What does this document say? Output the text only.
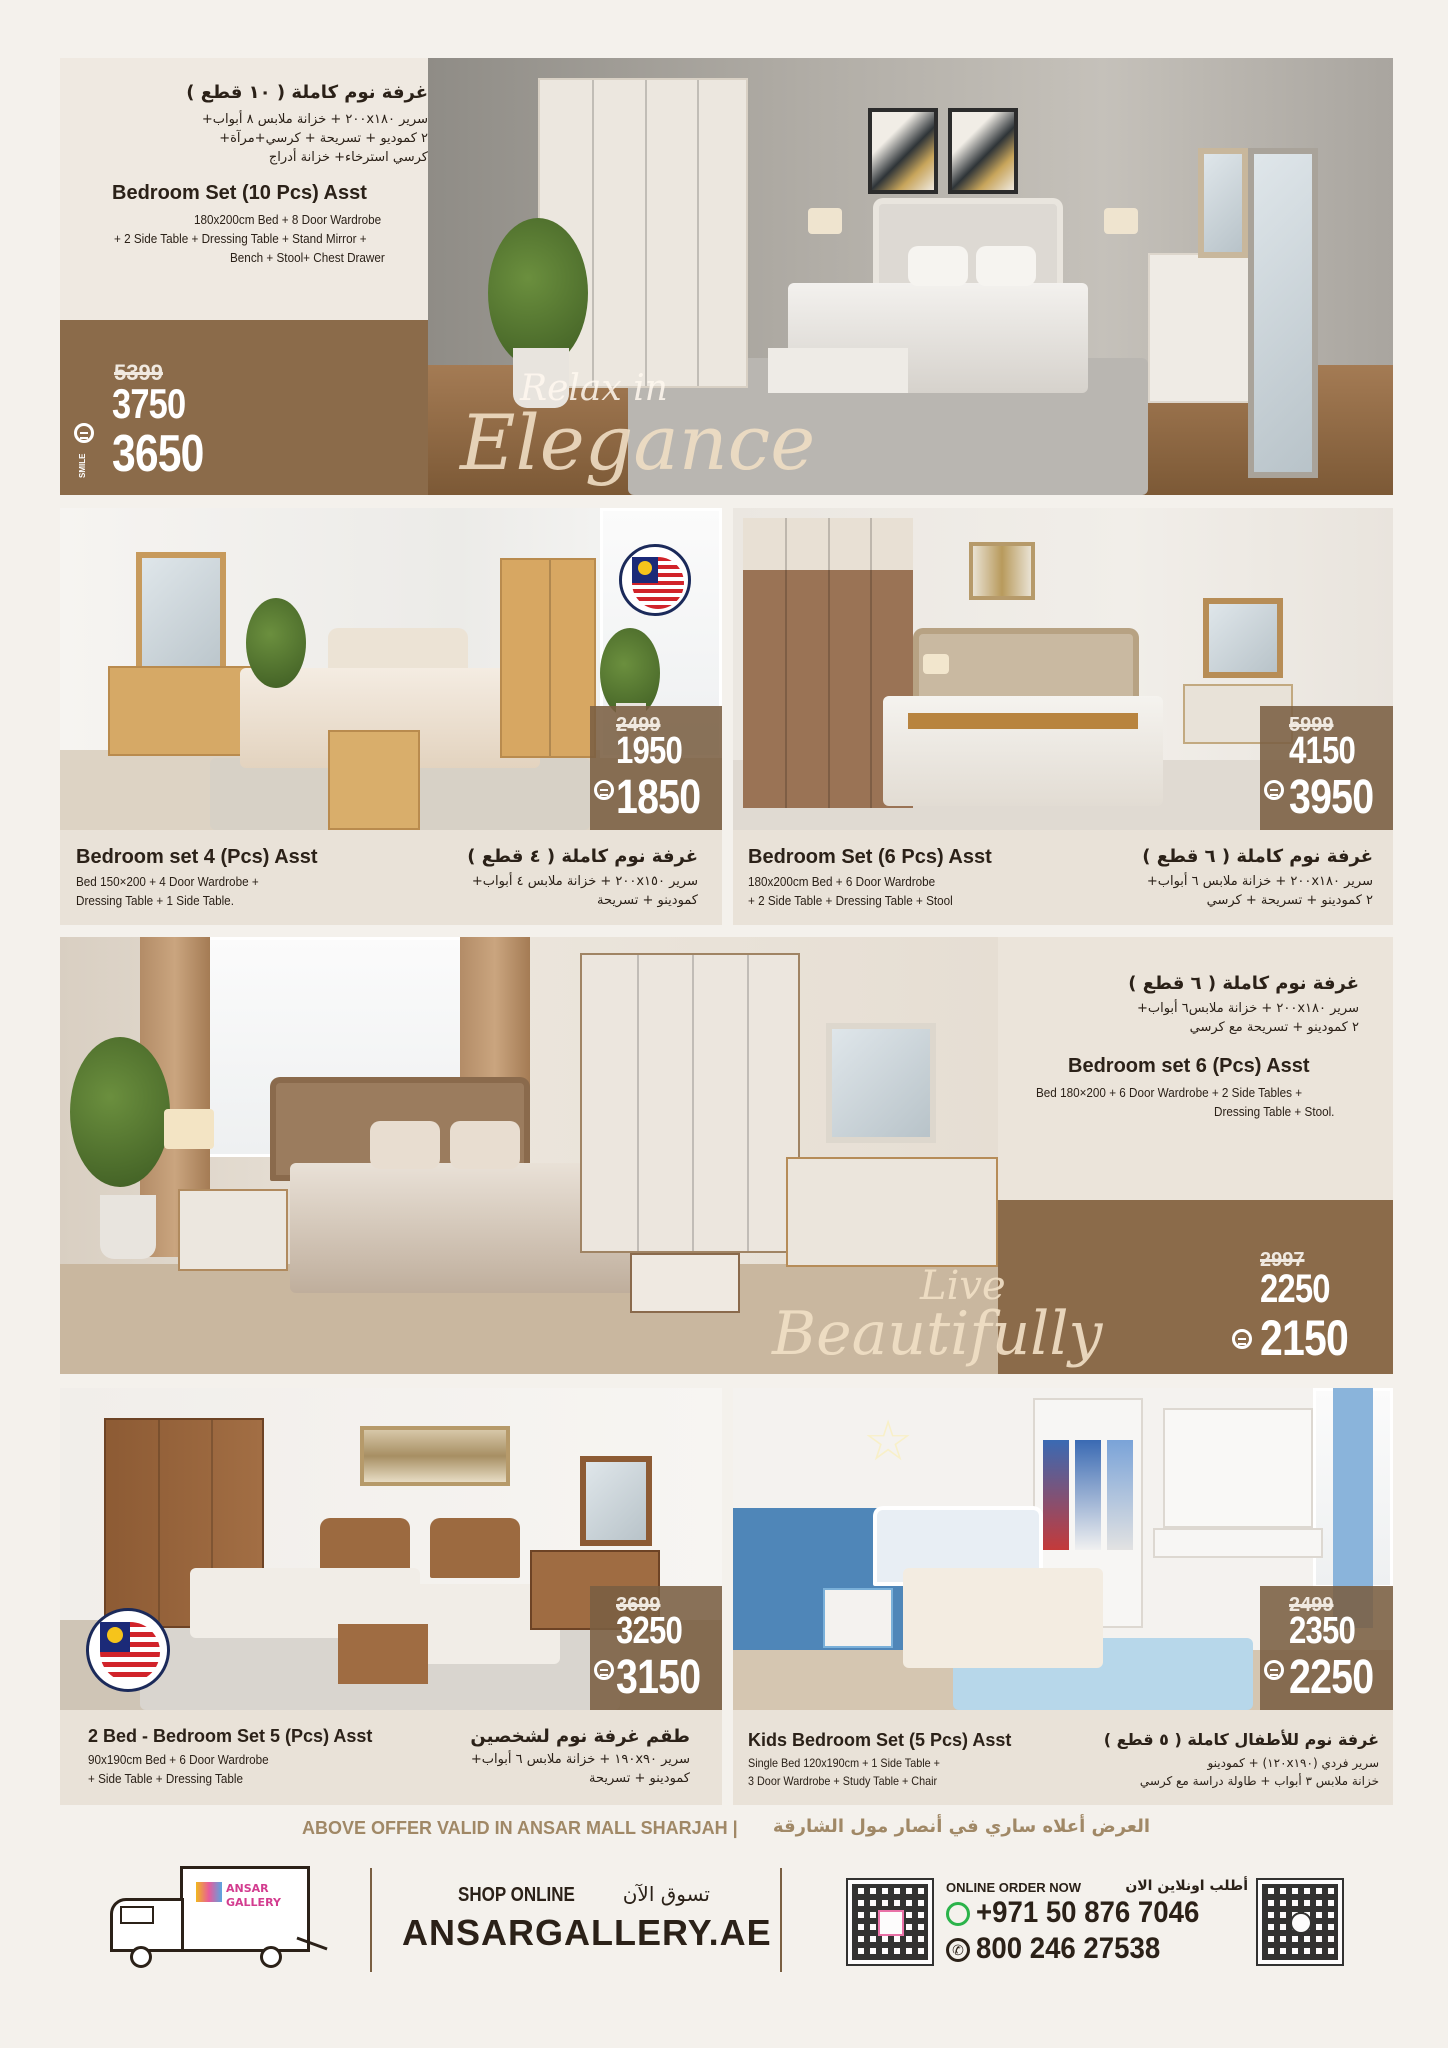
غرفة نوم كاملة ( ١٠ قطع )
سرير ٢٠٠x١٨٠ + خزانة ملابس ٨ أبواب+
٢ كموديو + تسريحة + كرسي+مرآة+
كرسي استرخاء+ خزانة أدراج
Bedroom Set (10 Pcs) Asst
180x200cm Bed + 8 Door Wardrobe
+ 2 Side Table + Dressing Table + Stand Mirror +
Bench + Stool+ Chest Drawer
SMILE
5399
3750
3650
Relax in
Elegance
2499
1950
1850
Bedroom set 4 (Pcs) Asst
Bed 150×200 + 4 Door Wardrobe +
Dressing Table + 1 Side Table.
غرفة نوم كاملة ( ٤ قطع )
سرير ٢٠٠x١٥٠ + خزانة ملابس ٤ أبواب+
كمودينو + تسريحة
5999
4150
3950
Bedroom Set (6 Pcs) Asst
180x200cm Bed + 6 Door Wardrobe
+ 2 Side Table + Dressing Table + Stool
غرفة نوم كاملة ( ٦ قطع )
سرير ٢٠٠x١٨٠ + خزانة ملابس ٦ أبواب+
٢ كمودينو + تسريحة + كرسي
غرفة نوم كاملة ( ٦ قطع )
سرير ٢٠٠x١٨٠ + خزانة ملابس٦ أبواب+
٢ كمودينو + تسريحة مع كرسي
Bedroom set 6 (Pcs) Asst
Bed 180×200 + 6 Door Wardrobe + 2 Side Tables +
Dressing Table + Stool.
2997
2250
2150
Live
Beautifully
3699
3250
3150
2 Bed - Bedroom Set 5 (Pcs) Asst
90x190cm Bed + 6 Door Wardrobe
+ Side Table + Dressing Table
طقم غرفة نوم لشخصين
سرير ١٩٠x٩٠ + خزانة ملابس ٦ أبواب+
كمودينو + تسريحة
☆
2499
2350
2250
Kids Bedroom Set (5 Pcs) Asst
Single Bed 120x190cm + 1 Side Table +
3 Door Wardrobe + Study Table + Chair
غرفة نوم للأطفال كاملة ( ٥ قطع )
سرير فردي (١٢٠x١٩٠) + كمودينو
خزانة ملابس ٣ أبواب + طاولة دراسة مع كرسي
ABOVE OFFER VALID IN ANSAR MALL SHARJAH |	العرض أعلاه ساري في أنصار مول الشارقة
ANSAR
GALLERY	SHOP ONLINE	تسوق الآن
ANSARGALLERY.AE
ONLINE ORDER NOW	أطلب اونلاين الان
+971 50 876 7046
✆ 800 246 27538
